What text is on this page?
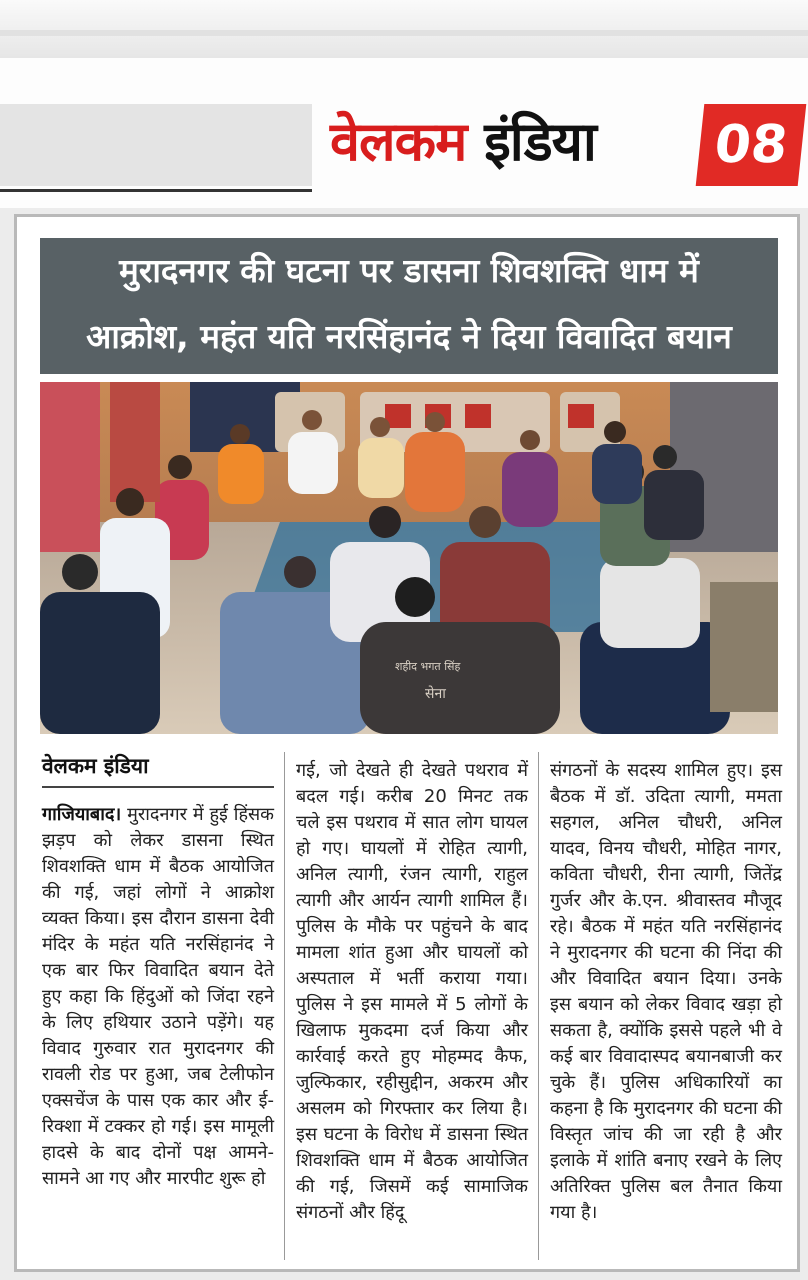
वेलकम इंडिया	08
मुरादनगर की घटना पर डासना शिवशक्ति धाम में
आक्रोश, महंत यति नरसिंहानंद ने दिया विवादित बयान
शहीद भगत सिंह
सेना
वेलकम इंडिया
गाजियाबाद। मुरादनगर में हुई हिंसक झड़प को लेकर डासना स्थित शिवशक्ति धाम में बैठक आयोजित की गई, जहां लोगों ने आक्रोश व्यक्त किया। इस दौरान डासना देवी मंदिर के महंत यति नरसिंहानंद ने एक बार फिर विवादित बयान देते हुए कहा कि हिंदुओं को जिंदा रहने के लिए हथियार उठाने पड़ेंगे। यह विवाद गुरुवार रात मुरादनगर की रावली रोड पर हुआ, जब टेलीफोन एक्सचेंज के पास एक कार और ई-रिक्शा में टक्कर हो गई। इस मामूली हादसे के बाद दोनों पक्ष आमने-सामने आ गए और मारपीट शुरू हो
गई, जो देखते ही देखते पथराव में बदल गई। करीब 20 मिनट तक चले इस पथराव में सात लोग घायल हो गए। घायलों में रोहित त्यागी, अनिल त्यागी, रंजन त्यागी, राहुल त्यागी और आर्यन त्यागी शामिल हैं। पुलिस के मौके पर पहुंचने के बाद मामला शांत हुआ और घायलों को अस्पताल में भर्ती कराया गया। पुलिस ने इस मामले में 5 लोगों के खिलाफ मुकदमा दर्ज किया और कार्रवाई करते हुए मोहम्मद कैफ, जुल्फिकार, रहीसुद्दीन, अकरम और असलम को गिरफ्तार कर लिया है। इस घटना के विरोध में डासना स्थित शिवशक्ति धाम में बैठक आयोजित की गई, जिसमें कई सामाजिक संगठनों और हिंदू
संगठनों के सदस्य शामिल हुए। इस बैठक में डॉ. उदिता त्यागी, ममता सहगल, अनिल चौधरी, अनिल यादव, विनय चौधरी, मोहित नागर, कविता चौधरी, रीना त्यागी, जितेंद्र गुर्जर और के.एन. श्रीवास्तव मौजूद रहे। बैठक में महंत यति नरसिंहानंद ने मुरादनगर की घटना की निंदा की और विवादित बयान दिया। उनके इस बयान को लेकर विवाद खड़ा हो सकता है, क्योंकि इससे पहले भी वे कई बार विवादास्पद बयानबाजी कर चुके हैं। पुलिस अधिकारियों का कहना है कि मुरादनगर की घटना की विस्तृत जांच की जा रही है और इलाके में शांति बनाए रखने के लिए अतिरिक्त पुलिस बल तैनात किया गया है।
